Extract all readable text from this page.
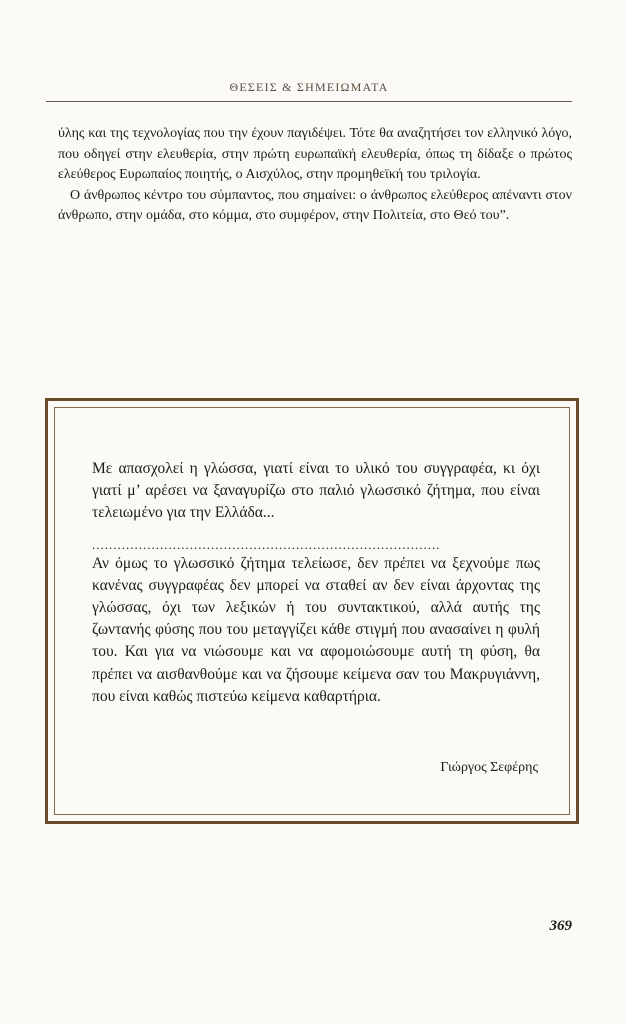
ΘΕΣΕΙΣ & ΣΗΜΕΙΩΜΑΤΑ

ύλης και της τεχνολογίας που την έχουν παγιδέψει. Τότε θα αναζητήσει τον ελληνικό λόγο, που οδηγεί στην ελευθερία, στην πρώτη ευρωπαϊκή ελευθερία, όπως τη δίδαξε ο πρώτος ελεύθερος Ευρωπαίος ποιητής, ο Αισχύλος, στην προμηθεϊκή του τριλογία.

Ο άνθρωπος κέντρο του σύμπαντος, που σημαίνει: ο άνθρωπος ελεύθερος απέναντι στον άνθρωπο, στην ομάδα, στο κόμμα, στο συμφέρον, στην Πολιτεία, στο Θεό του”.

Με απασχολεί η γλώσσα, γιατί είναι το υλικό του συγγραφέα, κι όχι γιατί μ’ αρέσει να ξαναγυρίζω στο παλιό γλωσσικό ζήτημα, που είναι τελειωμένο για την Ελλάδα...

..................................................................................

Αν όμως το γλωσσικό ζήτημα τελείωσε, δεν πρέπει να ξεχνούμε πως κανένας συγγραφέας δεν μπορεί να σταθεί αν δεν είναι άρχοντας της γλώσσας, όχι των λεξικών ή του συντακτικού, αλλά αυτής της ζωντανής φύσης που του μεταγγίζει κάθε στιγμή που ανασαίνει η φυλή του. Και για να νιώσουμε και να αφομοιώσουμε αυτή τη φύση, θα πρέπει να αισθανθούμε και να ζήσουμε κείμενα σαν του Μακρυγιάννη, που είναι καθώς πιστεύω κείμενα καθαρτήρια.

Γιώργος Σεφέρης
369
